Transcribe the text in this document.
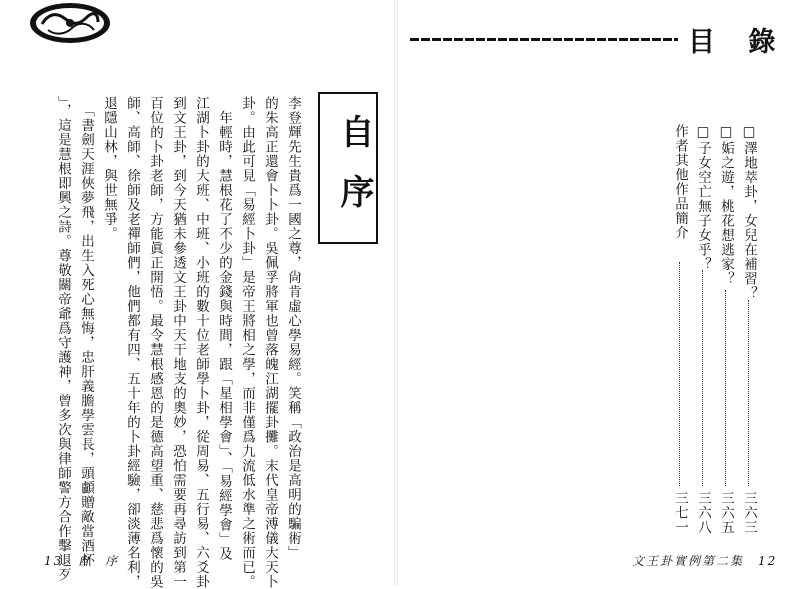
自序
李登輝先生貴爲一國之尊，尙肯虛心學易經。笑稱「政治是高明的騙術」
的朱高正還會卜卜卦。吳佩孚將軍也曾落魄江湖擺卦攤。末代皇帝溥儀大天卜
卦。由此可見「易經卜卦」是帝王將相之學，而非僅爲九流低水準之術而已。
　年輕時，慧根花了不少的金錢與時間，跟「星相學會」、「易經學會」及
江湖卜卦的大班、中班、小班的數十位老師學卜卦，從周易、五行易、六爻卦
到文王卦，到今天猶未參透文王卦中天干地支的奧妙，恐怕需要再尋訪到第一
百位的卜卦老師，方能眞正開悟。最令慧根感恩的是德高望重、慈悲爲懷的吳
師、高師、徐師及老禪師們，他們都有四、五十年的卜卦經驗，卻淡薄名利，
退隱山林，與世無爭。
　「書劍天涯俠夢飛，出生入死心無悔，忠肝義膽學雲長，頭顱贈敵當酒杯
」，這是慧根即興之詩。尊敬關帝爺爲守護神，曾多次與律師警方合作擊退歹
13　自　序
目 錄
□澤地萃卦，女兒在補習？
三六三
□姤之遊，桃花想逃家？
三六五
□子女空亡無子女乎？
三六八
作者其他作品簡介
三七一
文王卦實例第二集　12
